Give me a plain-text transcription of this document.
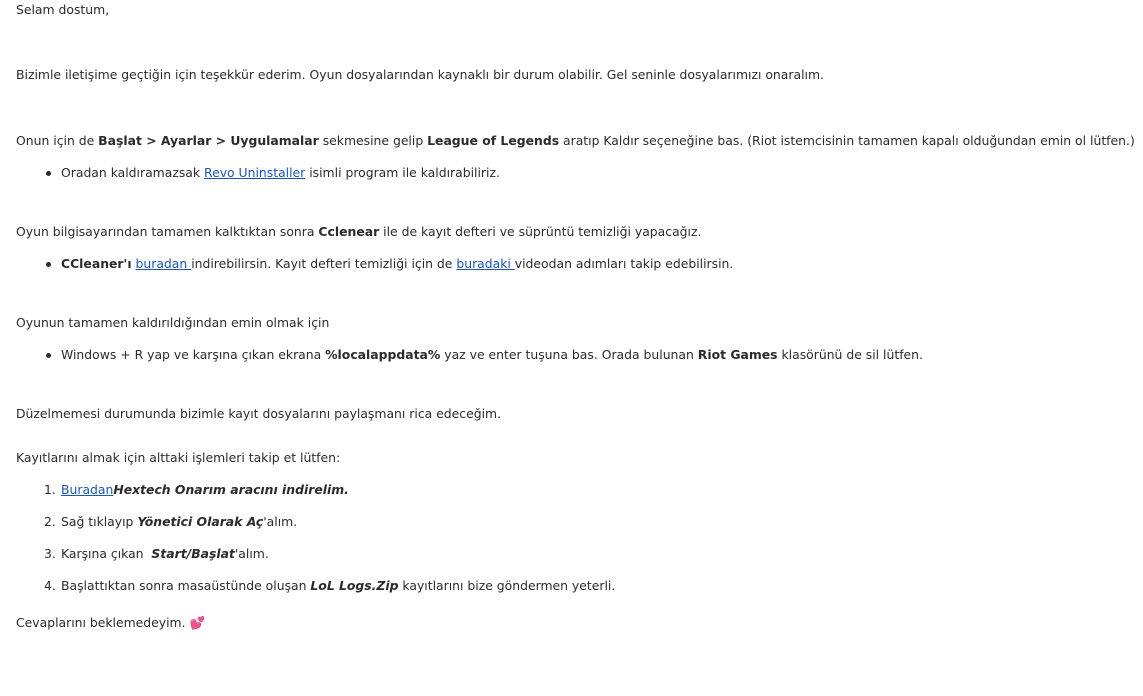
Selam dostum,
Bizimle iletişime geçtiğin için teşekkür ederim. Oyun dosyalarından kaynaklı bir durum olabilir. Gel seninle dosyalarımızı onaralım.
Onun için de Başlat > Ayarlar > Uygulamalar sekmesine gelip League of Legends aratıp Kaldır seçeneğine bas. (Riot istemcisinin tamamen kapalı olduğundan emin ol lütfen.)
Oradan kaldıramazsak Revo Uninstaller isimli program ile kaldırabiliriz.
Oyun bilgisayarından tamamen kalktıktan sonra Cclenear ile de kayıt defteri ve süprüntü temizliği yapacağız.
CCleaner'ı buradan indirebilirsin. Kayıt defteri temizliği için de buradaki videodan adımları takip edebilirsin.
Oyunun tamamen kaldırıldığından emin olmak için
Windows + R yap ve karşına çıkan ekrana %localappdata% yaz ve enter tuşuna bas. Orada bulunan Riot Games klasörünü de sil lütfen.
Düzelmemesi durumunda bizimle kayıt dosyalarını paylaşmanı rica edeceğim.
Kayıtlarını almak için alttaki işlemleri takip et lütfen:
1. BuradanHextech Onarım aracını indirelim.
2. Sağ tıklayıp Yönetici Olarak Aç'alım.
3. Karşına çıkan  Start/Başlat'alım.
4. Başlattıktan sonra masaüstünde oluşan LoL Logs.Zip kayıtlarını bize göndermen yeterli.
Cevaplarını beklemedeyim. 💕
